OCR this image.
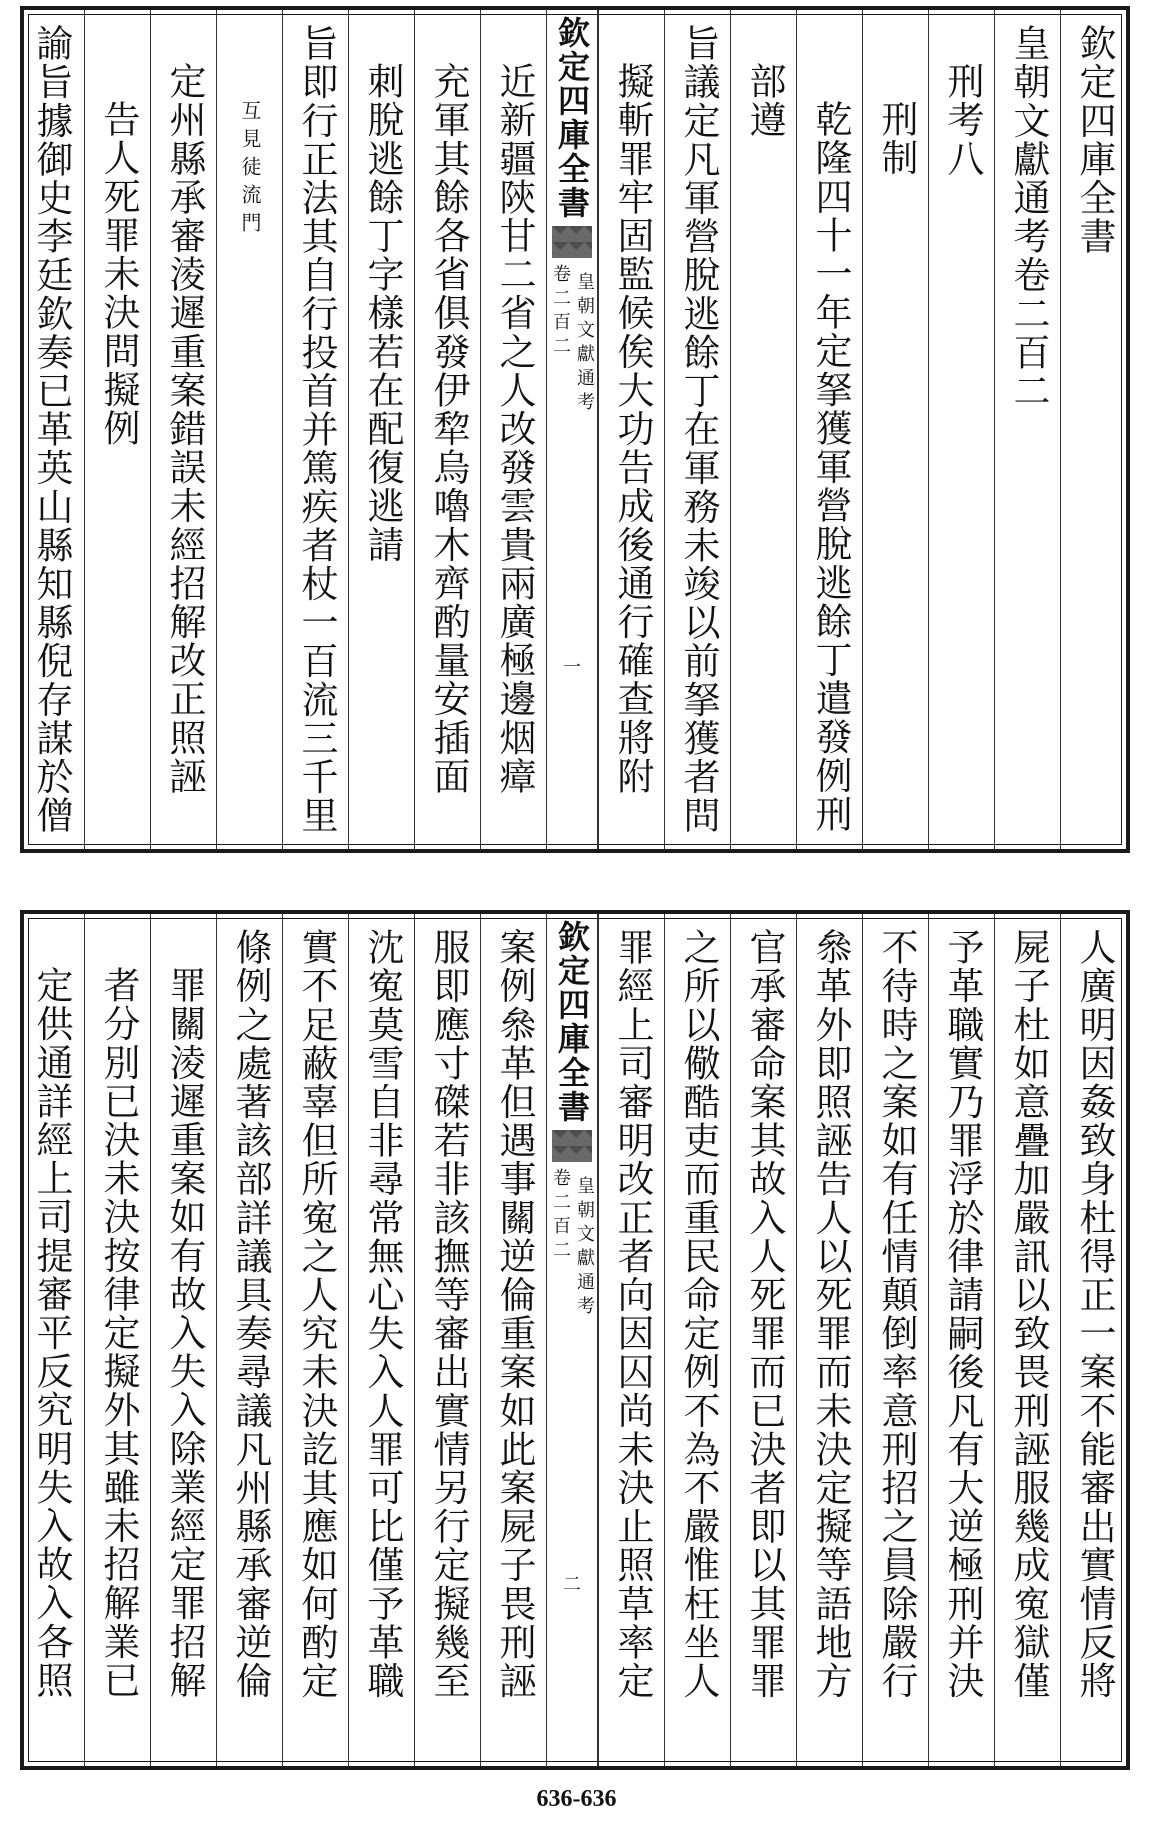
欽定四庫全書
皇朝文獻通考卷二百二
刑考八
刑制
乾隆四十一年定拏獲軍營脫逃餘丁遣發例刑
部遵
旨議定凡軍營脫逃餘丁在軍務未竣以前拏獲者問
擬斬罪牢固監候俟大功告成後通行確查將附
欽定四庫全書
皇朝文獻通考
卷二百二
一
近新疆陝甘二省之人改發雲貴兩廣極邊烟瘴
充軍其餘各省俱發伊犂烏嚕木齊酌量安插面
刺脫逃餘丁字樣若在配復逃請
旨即行正法其自行投首并篤疾者杖一百流三千里
互見徒流門
定州縣承審淩遲重案錯誤未經招解改正照誣
告人死罪未決問擬例
諭旨據御史李廷欽奏已革英山縣知縣倪存謀於僧
人廣明因姦致身杜得正一案不能審出實情反將
屍子杜如意疊加嚴訊以致畏刑誣服幾成寃獄僅
予革職實乃罪浮於律請嗣後凡有大逆極刑并決
不待時之案如有任情顛倒率意刑招之員除嚴行
叅革外即照誣告人以死罪而未決定擬等語地方
官承審命案其故入人死罪而已決者即以其罪罪
之所以儆酷吏而重民命定例不為不嚴惟枉坐人
罪經上司審明改正者向因囚尚未決止照草率定
欽定四庫全書
皇朝文獻通考
卷二百二
二
案例叅革但遇事關逆倫重案如此案屍子畏刑誣
服即應寸磔若非該撫等審出實情另行定擬幾至
沈寃莫雪自非尋常無心失入人罪可比僅予革職
實不足蔽辜但所寃之人究未決訖其應如何酌定
條例之處著該部詳議具奏尋議凡州縣承審逆倫
罪關淩遲重案如有故入失入除業經定罪招解
者分別已決未決按律定擬外其雖未招解業已
定供通詳經上司提審平反究明失入故入各照
636-636
